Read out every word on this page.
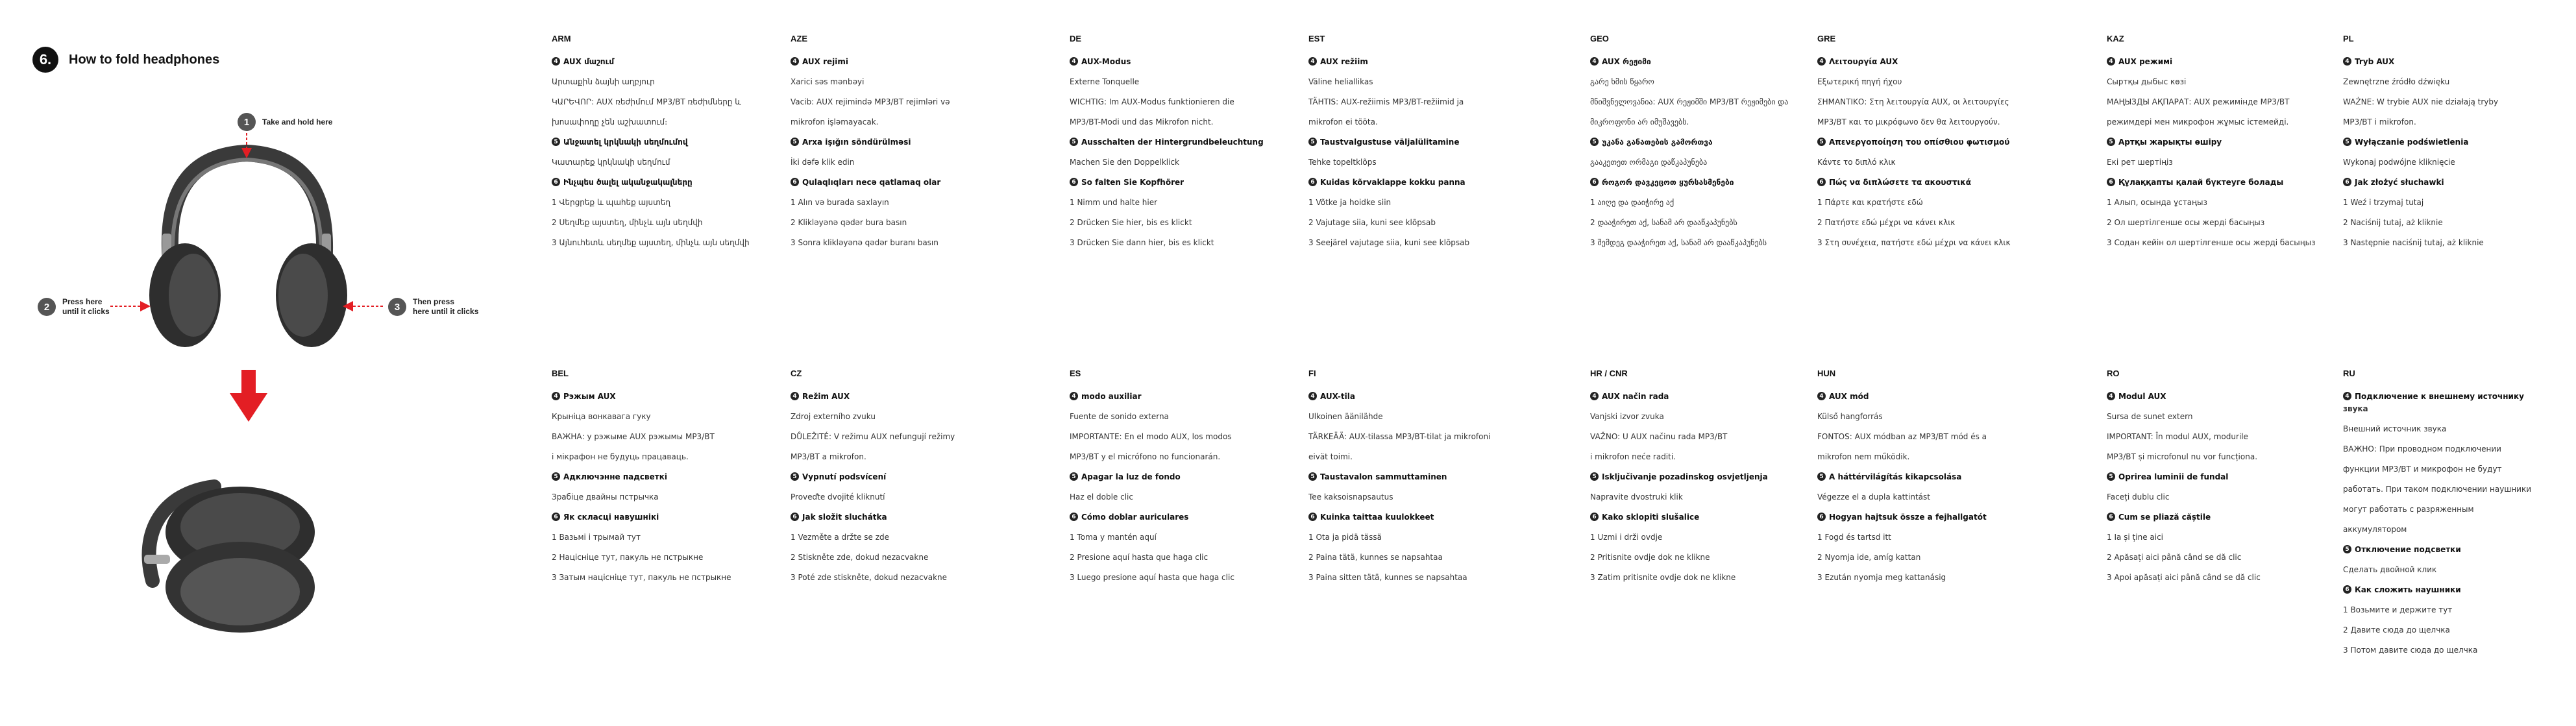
6.	How to fold headphones
1	Take and hold here
2	Press here
until it clicks	3	Then press
here until it clicks
ARM
4 AUX մաշում
Արտաքին ձայնի աղբյուր
ԿԱՐԵՎՈՐ: AUX ռեժիմում MP3/BT ռեժիմները և
խոսափողը չեն աշխատում։
5 Անջատել կրկնակի սեղմումով
Կատարեք կրկնակի սեղմում
6 Ինչպես ծալել ականջակալները
1 Վերցրեք և պահեք այստեղ
2 Սեղմեք այստեղ, մինչև այն սեղմվի
3 Այնուհետև սեղմեք այստեղ, մինչև այն սեղմվի
AZE
4 AUX rejimi
Xarici səs mənbəyi
Vacib: AUX rejimində MP3/BT rejimləri və
mikrofon işləmayacak.
5 Arxa işığın söndürülməsi
İki dəfə klik edin
6 Qulaqlıqları necə qatlamaq olar
1 Alın və burada saxlayın
2 Klikləyənə qədər bura basın
3 Sonra klikləyənə qədər buranı basın
DE
4 AUX-Modus
Externe Tonquelle
WICHTIG: Im AUX-Modus funktionieren die
MP3/BT-Modi und das Mikrofon nicht.
5 Ausschalten der Hintergrundbeleuchtung
Machen Sie den Doppelklick
6 So falten Sie Kopfhörer
1 Nimm und halte hier
2 Drücken Sie hier, bis es klickt
3 Drücken Sie dann hier, bis es klickt
EST
4 AUX režiim
Väline heliallikas
TÄHTIS: AUX-režiimis MP3/BT-režiimid ja
mikrofon ei tööta.
5 Taustvalgustuse väljalülitamine
Tehke topeltklõps
6 Kuidas kõrvaklappe kokku panna
1 Võtke ja hoidke siin
2 Vajutage siia, kuni see klõpsab
3 Seejärel vajutage siia, kuni see klõpsab
GEO
4 AUX რეჟიმი
გარე ხმის წყარო
მნიშვნელოვანია: AUX რეჟიმში MP3/BT რეჟიმები და
მიკროფონი არ იმუშავებს.
5 უკანა განათების გამორთვა
გააკეთეთ ორმაგი დაწკაპუნება
6 როგორ დავკეცოთ ყურსასმენები
1 აიღე და დაიჭირე აქ
2 დააჭირეთ აქ, სანამ არ დააწკაპუნებს
3 შემდეგ დააჭირეთ აქ, სანამ არ დააწკაპუნებს
GRE
4 Λειτουργία AUX
Εξωτερική πηγή ήχου
ΣΗΜΑΝΤΙΚΟ: Στη λειτουργία AUX, οι λειτουργίες
MP3/BT και το μικρόφωνο δεν θα λειτουργούν.
5 Απενεργοποίηση του οπίσθιου φωτισμού
Κάντε το διπλό κλικ
6 Πώς να διπλώσετε τα ακουστικά
1 Πάρτε και κρατήστε εδώ
2 Πατήστε εδώ μέχρι να κάνει κλικ
3 Στη συνέχεια, πατήστε εδώ μέχρι να κάνει κλικ
KAZ
4 AUX режимі
Сыртқы дыбыс көзі
МАҢЫЗДЫ АҚПАРАТ: AUX режимінде MP3/BT
режимдері мен микрофон жұмыс істемейді.
5 Артқы жарықты өшіру
Екі рет шертіңіз
6 Құлаққапты қалай бүктеуге болады
1 Алып, осында ұстаңыз
2 Ол шертілгенше осы жерді басыңыз
3 Содан кейін ол шертілгенше осы жерді басыңыз
PL
4 Tryb AUX
Zewnętrzne źródło dźwięku
WAŻNE: W trybie AUX nie działają tryby
MP3/BT i mikrofon.
5 Wyłączanie podświetlenia
Wykonaj podwójne kliknięcie
6 Jak złożyć słuchawki
1 Weź i trzymaj tutaj
2 Naciśnij tutaj, aż kliknie
3 Następnie naciśnij tutaj, aż kliknie
BEL
4 Рэжым AUX
Крыніца вонкавага гуку
ВАЖНА: у рэжыме AUX рэжымы MP3/BT
і мікрафон не будуць працаваць.
5 Адключэнне падсветкі
Зрабіце двайны пстрычка
6 Як скласці навушнікі
1 Вазьмі і трымай тут
2 Націсніце тут, пакуль не пстрыкне
3 Затым націсніце тут, пакуль не пстрыкне
CZ
4 Režim AUX
Zdroj externího zvuku
DŮLEŽITÉ: V režimu AUX nefungují režimy
MP3/BT a mikrofon.
5 Vypnutí podsvícení
Proveďte dvojité kliknutí
6 Jak složit sluchátka
1 Vezměte a držte se zde
2 Stiskněte zde, dokud nezacvakne
3 Poté zde stiskněte, dokud nezacvakne
ES
4 modo auxiliar
Fuente de sonido externa
IMPORTANTE: En el modo AUX, los modos
MP3/BT y el micrófono no funcionarán.
5 Apagar la luz de fondo
Haz el doble clic
6 Cómo doblar auriculares
1 Toma y mantén aquí
2 Presione aquí hasta que haga clic
3 Luego presione aquí hasta que haga clic
FI
4 AUX-tila
Ulkoinen äänilähde
TÄRKEÄÄ: AUX-tilassa MP3/BT-tilat ja mikrofoni
eivät toimi.
5 Taustavalon sammuttaminen
Tee kaksoisnapsautus
6 Kuinka taittaa kuulokkeet
1 Ota ja pidä tässä
2 Paina tätä, kunnes se napsahtaa
3 Paina sitten tätä, kunnes se napsahtaa
HR / CNR
4 AUX način rada
Vanjski izvor zvuka
VAŽNO: U AUX načinu rada MP3/BT
i mikrofon neće raditi.
5 Isključivanje pozadinskog osvjetljenja
Napravite dvostruki klik
6 Kako sklopiti slušalice
1 Uzmi i drži ovdje
2 Pritisnite ovdje dok ne klikne
3 Zatim pritisnite ovdje dok ne klikne
HUN
4 AUX mód
Külső hangforrás
FONTOS: AUX módban az MP3/BT mód és a
mikrofon nem működik.
5 A háttérvilágítás kikapcsolása
Végezze el a dupla kattintást
6 Hogyan hajtsuk össze a fejhallgatót
1 Fogd és tartsd itt
2 Nyomja ide, amíg kattan
3 Ezután nyomja meg kattanásig
RO
4 Modul AUX
Sursa de sunet extern
IMPORTANT: În modul AUX, modurile
MP3/BT și microfonul nu vor funcționa.
5 Oprirea luminii de fundal
Faceți dublu clic
6 Cum se pliază căștile
1 Ia și ține aici
2 Apăsați aici până când se dă clic
3 Apoi apăsați aici până când se dă clic
RU
4 Подключение к внешнему источнику
звука
Внешний источник звука
ВАЖНО: При проводном подключении
функции MP3/BT и микрофон не будут
работать. При таком подключении наушники
могут работать с разряженным
аккумулятором
5 Отключение подсветки
Сделать двойной клик
6 Как сложить наушники
1 Возьмите и держите тут
2 Давите сюда до щелчка
3 Потом давите сюда до щелчка
